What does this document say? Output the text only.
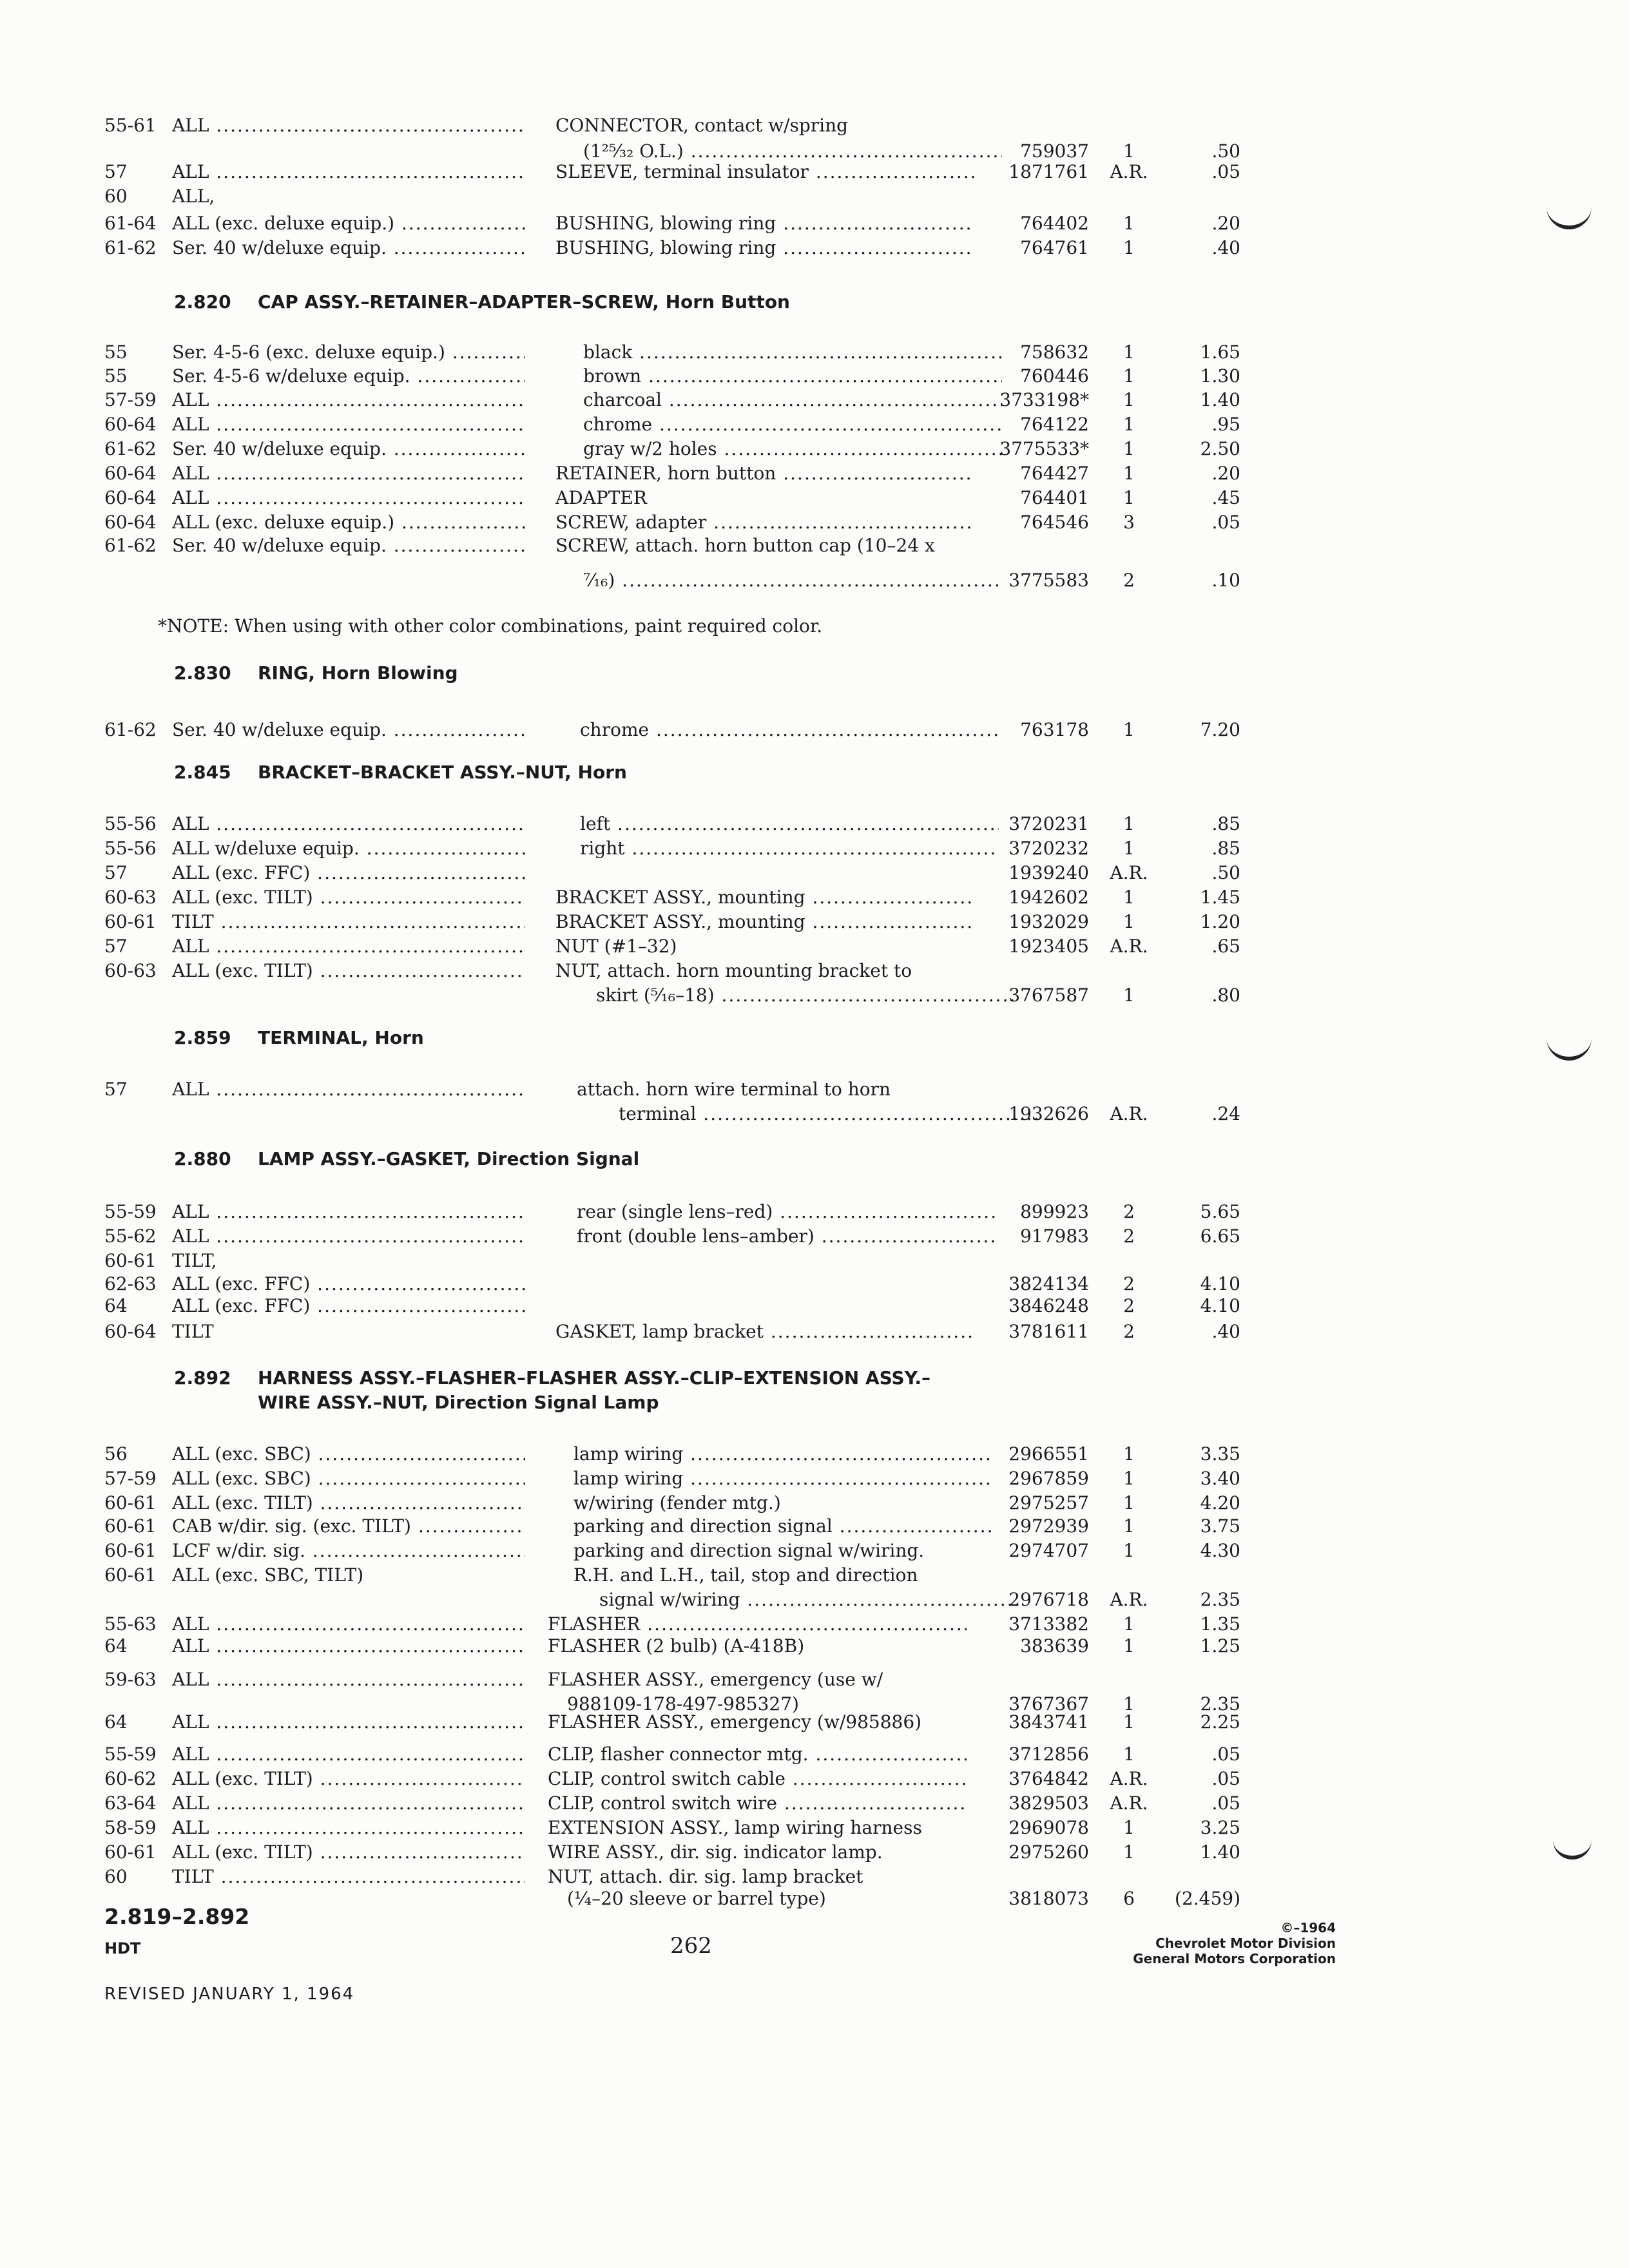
55-61 ALL .....	CONNECTOR, contact w/spring
(1²⁵⁄₃₂ O.L.) .....	759037	1	.50
57	ALL .....	SLEEVE, terminal insulator .....	1871761	A.R.	.05
60	ALL,
61-64 ALL (exc. deluxe equip.) .....	BUSHING, blowing ring .....	764402	1	.20
61-62 Ser. 40 w/deluxe equip. .....	BUSHING, blowing ring .....	764761	1	.40
2.820 CAP ASSY.–RETAINER–ADAPTER–SCREW, Horn Button
55	Ser. 4-5-6 (exc. deluxe equip.) .....	black .....	758632	1	1.65
55	Ser. 4-5-6 w/deluxe equip. .....	brown .....	760446	1	1.30
57-59 ALL .....	charcoal .....	3733198*	1	1.40
60-64 ALL .....	chrome .....	764122	1	.95
61-62 Ser. 40 w/deluxe equip. .....	gray w/2 holes .....	3775533*	1	2.50
60-64 ALL .....	RETAINER, horn button .....	764427	1	.20
60-64 ALL .....	ADAPTER	764401	1	.45
60-64 ALL (exc. deluxe equip.) .....	SCREW, adapter .....	764546	3	.05
61-62 Ser. 40 w/deluxe equip. .....	SCREW, attach. horn button cap (10–24 x
⁷⁄₁₆) .....	3775583	2	.10
*NOTE: When using with other color combinations, paint required color.
2.830 RING, Horn Blowing
61-62 Ser. 40 w/deluxe equip. .....	chrome .....	763178	1	7.20
2.845 BRACKET–BRACKET ASSY.–NUT, Horn
55-56 ALL .....	left .....	3720231	1	.85
55-56 ALL w/deluxe equip. .....	right .....	3720232	1	.85
57	ALL (exc. FFC) .....	1939240	A.R.	.50
60-63 ALL (exc. TILT) .....	BRACKET ASSY., mounting .....	1942602	1	1.45
60-61 TILT .....	BRACKET ASSY., mounting .....	1932029	1	1.20
57	ALL .....	NUT (#1–32)	1923405	A.R.	.65
60-63 ALL (exc. TILT) .....	NUT, attach. horn mounting bracket to
skirt (⁵⁄₁₆–18) .....	3767587	1	.80
2.859 TERMINAL, Horn
57	ALL .....	attach. horn wire terminal to horn
terminal .....	1932626	A.R.	.24
2.880 LAMP ASSY.–GASKET, Direction Signal
55-59 ALL .....	rear (single lens–red) .....	899923	2	5.65
55-62 ALL .....	front (double lens–amber) .....	917983	2	6.65
60-61 TILT,
62-63 ALL (exc. FFC) .....	3824134	2	4.10
64	ALL (exc. FFC) .....	3846248	2	4.10
60-64 TILT	GASKET, lamp bracket .....	3781611	2	.40
2.892 HARNESS ASSY.–FLASHER–FLASHER ASSY.–CLIP–EXTENSION ASSY.–
WIRE ASSY.–NUT, Direction Signal Lamp
56	ALL (exc. SBC) .....	lamp wiring .....	2966551	1	3.35
57-59 ALL (exc. SBC) .....	lamp wiring .....	2967859	1	3.40
60-61 ALL (exc. TILT) .....	w/wiring (fender mtg.)	2975257	1	4.20
60-61 CAB w/dir. sig. (exc. TILT) .....	parking and direction signal .....	2972939	1	3.75
60-61 LCF w/dir. sig. .....	parking and direction signal w/wiring.	2974707	1	4.30
60-61 ALL (exc. SBC, TILT)	R.H. and L.H., tail, stop and direction
signal w/wiring .....	2976718	A.R.	2.35
55-63 ALL .....	FLASHER .....	3713382	1	1.35
64	ALL .....	FLASHER (2 bulb) (A-418B)	383639	1	1.25
59-63 ALL .....	FLASHER ASSY., emergency (use w/
988109-178-497-985327)	3767367	1	2.35
64	ALL .....	FLASHER ASSY., emergency (w/985886)	3843741	1	2.25
55-59 ALL .....	CLIP, flasher connector mtg. .....	3712856	1	.05
60-62 ALL (exc. TILT) .....	CLIP, control switch cable .....	3764842	A.R.	.05
63-64 ALL .....	CLIP, control switch wire .....	3829503	A.R.	.05
58-59 ALL .....	EXTENSION ASSY., lamp wiring harness	2969078	1	3.25
60-61 ALL (exc. TILT) .....	WIRE ASSY., dir. sig. indicator lamp.	2975260	1	1.40
60	TILT .....	NUT, attach. dir. sig. lamp bracket
(¼–20 sleeve or barrel type)	3818073	6	(2.459)
2.819–2.892
HDT
REVISED JANUARY 1, 1964
262
©–1964
Chevrolet Motor Division
General Motors Corporation
